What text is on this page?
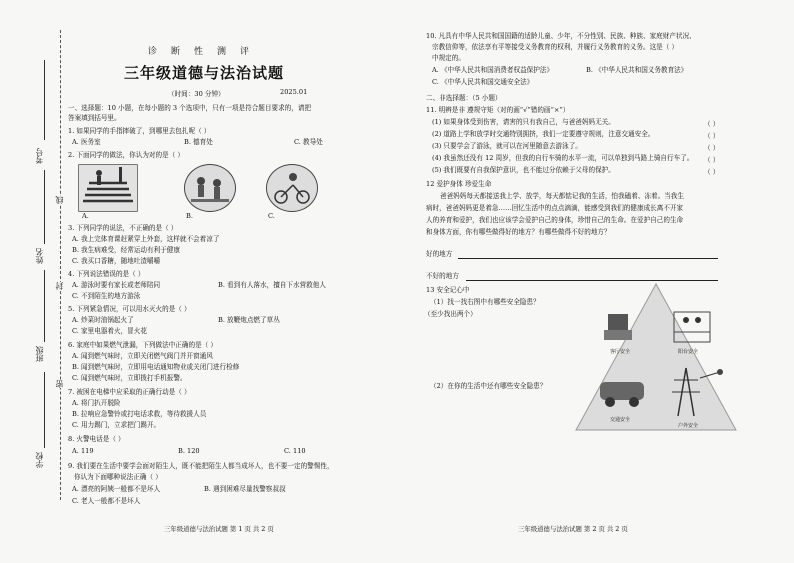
考号
姓名
班级
学校
线
封
密
诊断性测评
三年级道德与法治试题
（时间：30 分钟）	2025.01
一、选择题：10 小题，在每小题的 3 个选项中，只有一项是符合题目要求的，请把
答案填到括号里。
1. 如果同学的手指摔破了，到哪里去包扎呢（ ）
A. 医务室	B. 德育处	C. 教导处
2. 下面同学的做法，你认为对的是（ ）
A.	B.	C.
3. 下列同学的说法，不正确的是（ ）
A. 我上完体育课赶紧穿上外套，这样就不会着凉了
B. 我生病难受，经常运动有利于健康
C. 我买口香糖，随地吐渣嚼嚼
4. 下列说法错误的是（ ）
A. 游泳时要有家长或老师陪同	B. 看到有人落水，擅自下水营救他人
C. 不到陌生的地方游泳
5. 下列紧急情况，可以用水灭火的是（ ）
A. 炒菜时油锅起火了	B. 放鞭炮点燃了草丛
C. 家里电器着火，冒火花
6. 家庭中如果燃气泄漏，下列做法中正确的是（ ）
A. 闻到燃气味时，立即关闭燃气阀门并开窗通风
B. 闻到燃气味时，立即用电话通知物业或关闭门进行检修
C. 闻到燃气味时，立即拨打手机报警。
7. 被困在电梯中应采取的正确行动是（ ）
A. 将门扒开脱险
B. 拉响应急警铃或打电话求救，等待救援人员
C. 用力踢门，立求把门踢开。
8. 火警电话是（ ）
A. 119	B. 120	C. 110
9. 我们要在生活中要学会面对陌生人，既不能把陌生人都当成坏人，也不要一定的警惕性，
你认为下面哪种说法正确（ ）
A. 漂亮的阿姨一般都不是坏人	B. 遇到困难尽量找警察叔叔
C. 老人一般都不是坏人
三年级道德与法治试题 第 1 页 共 2 页
10. 凡具有中华人民共和国国籍的适龄儿童、少年，不分性别、民族、种族、家庭财产状况、
宗教信仰等，依法享有平等接受义务教育的权利，并履行义务教育的义务。这是（ ）
中规定的。
A. 《中华人民共和国消费者权益保护法》	B. 《中华人民共和国义务教育法》
C. 《中华人民共和国交通安全法》
二、非选择题：（5 小题）
11. 明辨是非 遵规守矩（对的画“√”错的画“×”）
(1) 如果身体受到伤害，请害的只有我自己，与爸爸妈妈无关。	（ ）
(2) 道路上学和放学时交通特别拥挤，我们一定要遵守规则，注意交通安全。	（ ）
(3) 只要学会了游泳，就可以在河里随意去游泳了。	（ ）
(4) 我虽然还没有 12 周岁，但我的自行车骑的水平一流，可以单独到马路上骑自行车了。 （ ）
(5) 我们既要有自我保护意识，也不能过分依赖于父母的保护。	（ ）
12 爱护身体 珍爱生命
爸爸妈妈每天都接送我上学、放学，每天都惦记我的生活，怕我磕着、冻着。当我生
病时，爸爸妈妈更是着急……回忆生活中的点点滴滴，能感受到我们的健康成长离不开家
人的养育和爱护，我们也应该学会爱护自己的身体，珍惜自己的生命。在爱护自己的生命
和身体方面，你有哪些做得好的地方？有哪些做得不好的地方？
好的地方
不好的地方
13 安全记心中
（1）找一找右图中有哪些安全隐患？
（至少找出两个）
（2）在你的生活中还有哪些安全隐患？
客厅安全	阳台安全
交通安全
户外安全
三年级道德与法治试题 第 2 页 共 2 页
